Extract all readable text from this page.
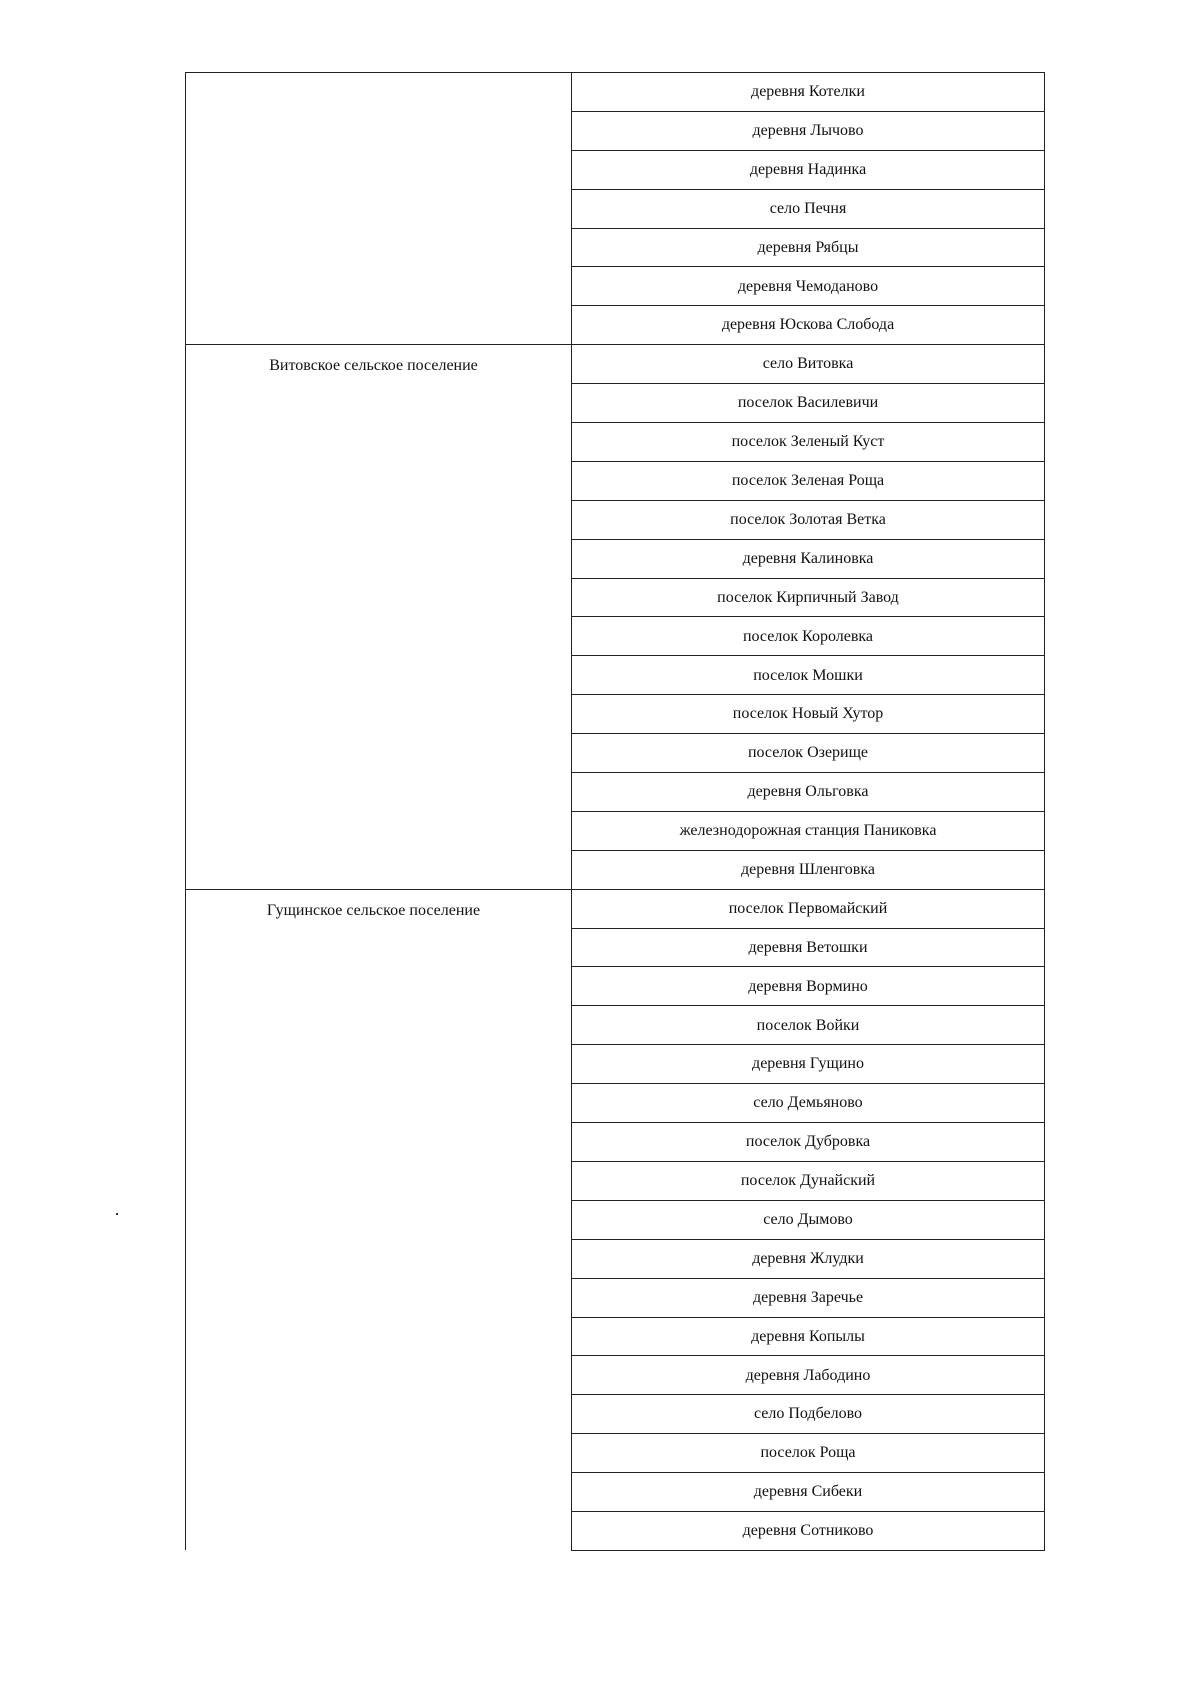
	деревня Котелки
	деревня Лычово
	деревня Надинка
	село Печня
	деревня Рябцы
	деревня Чемоданово
	деревня Юскова Слобода
Витовское сельское поселение	село Витовка
	поселок Василевичи
	поселок Зеленый Куст
	поселок Зеленая Роща
	поселок Золотая Ветка
	деревня Калиновка
	поселок Кирпичный Завод
	поселок Королевка
	поселок Мошки
	поселок Новый Хутор
	поселок Озерище
	деревня Ольговка
	железнодорожная станция Паниковка
	деревня Шленговка
Гущинское сельское поселение	поселок Первомайский
	деревня Ветошки
	деревня Вормино
	поселок Войки
	деревня Гущино
	село Демьяново
	поселок Дубровка
	поселок Дунайский
	село Дымово
	деревня Жлудки
	деревня Заречье
	деревня Копылы
	деревня Лабодино
	село Подбелово
	поселок Роща
	деревня Сибеки
	деревня Сотниково
